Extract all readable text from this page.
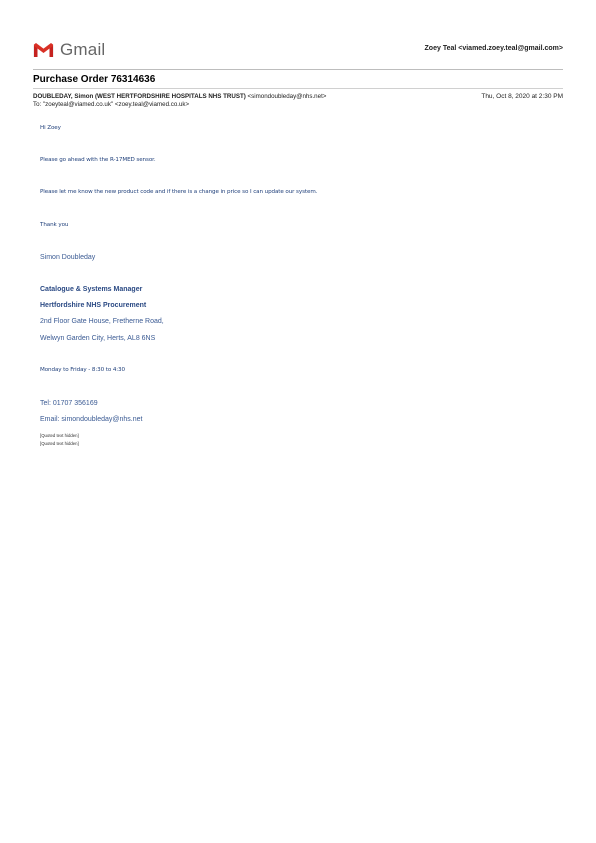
Gmail	Zoey Teal <viamed.zoey.teal@gmail.com>
Purchase Order 76314636
DOUBLEDAY, Simon (WEST HERTFORDSHIRE HOSPITALS NHS TRUST) <simondoubleday@nhs.net>	Thu, Oct 8, 2020 at 2:30 PM
To: "zoeyteal@viamed.co.uk" <zoey.teal@viamed.co.uk>
Hi Zoey
Please go ahead with the R-17MED sensor.
Please let me know the new product code and if there is a change in price so I can update our system.
Thank you
Simon Doubleday
Catalogue & Systems Manager
Hertfordshire NHS Procurement
2nd Floor Gate House, Fretherne Road,
Welwyn Garden City, Herts, AL8 6NS
Monday to Friday - 8:30 to 4:30
Tel: 01707 356169
Email: simondoubleday@nhs.net
[Quoted text hidden]
[Quoted text hidden]
